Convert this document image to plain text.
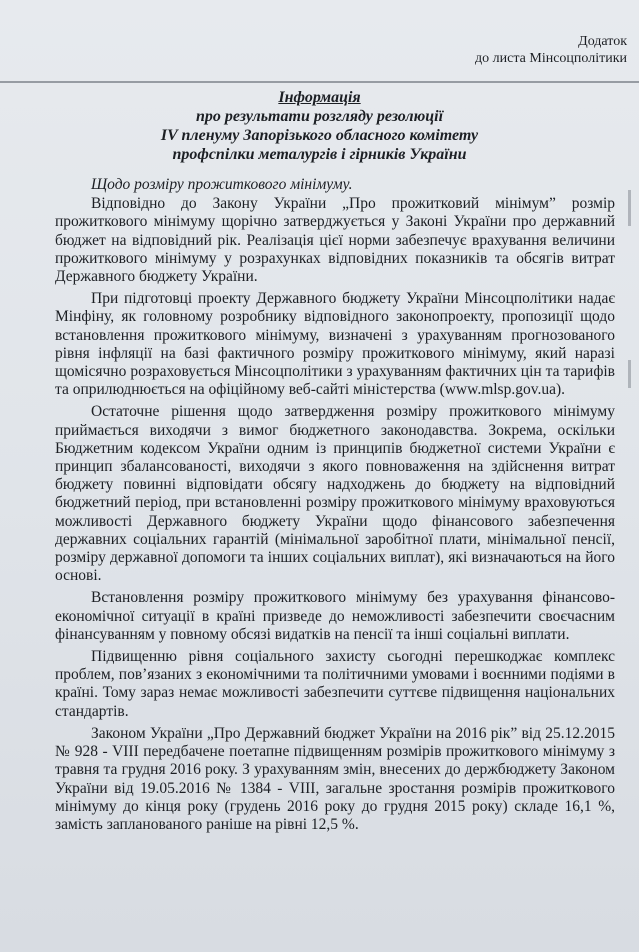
Додаток
до листа Мінсоцполітики
Інформація
про результати розгляду резолюції
IV пленуму Запорізького обласного комітету
профспілки металургів і гірників України

Щодо розміру прожиткового мінімуму.

Відповідно до Закону України „Про прожитковий мінімум” розмір прожиткового мінімуму щорічно затверджується у Законі України про державний бюджет на відповідний рік. Реалізація цієї норми забезпечує врахування величини прожиткового мінімуму у розрахунках відповідних показників та обсягів витрат Державного бюджету України.

При підготовці проекту Державного бюджету України Мінсоцполітики надає Мінфіну, як головному розробнику відповідного законопроекту, пропозиції щодо встановлення прожиткового мінімуму, визначені з урахуванням прогнозованого рівня інфляції на базі фактичного розміру прожиткового мінімуму, який наразі щомісячно розраховується Мінсоцполітики з урахуванням фактичних цін та тарифів та оприлюднюється на офіційному веб-сайті міністерства (www.mlsp.gov.ua).

Остаточне рішення щодо затвердження розміру прожиткового мінімуму приймається виходячи з вимог бюджетного законодавства. Зокрема, оскільки Бюджетним кодексом України одним із принципів бюджетної системи України є принцип збалансованості, виходячи з якого повноваження на здійснення витрат бюджету повинні відповідати обсягу надходжень до бюджету на відповідний бюджетний період, при встановленні розміру прожиткового мінімуму враховуються можливості Державного бюджету України щодо фінансового забезпечення державних соціальних гарантій (мінімальної заробітної плати, мінімальної пенсії, розміру державної допомоги та інших соціальних виплат), які визначаються на його основі.

Встановлення розміру прожиткового мінімуму без урахування фінансово-економічної ситуації в країні призведе до неможливості забезпечити своєчасним фінансуванням у повному обсязі видатків на пенсії та інші соціальні виплати.

Підвищенню рівня соціального захисту сьогодні перешкоджає комплекс проблем, пов’язаних з економічними та політичними умовами і воєнними подіями в країні. Тому зараз немає можливості забезпечити суттєве підвищення національних стандартів.

Законом України „Про Державний бюджет України на 2016 рік” від 25.12.2015 № 928 - VIII передбачене поетапне підвищенням розмірів прожиткового мінімуму з травня та грудня 2016 року. З урахуванням змін, внесених до держбюджету Законом України від 19.05.2016 № 1384 - VIII, загальне зростання розмірів прожиткового мінімуму до кінця року (грудень 2016 року до грудня 2015 року) складе 16,1 %, замість запланованого раніше на рівні 12,5 %.
